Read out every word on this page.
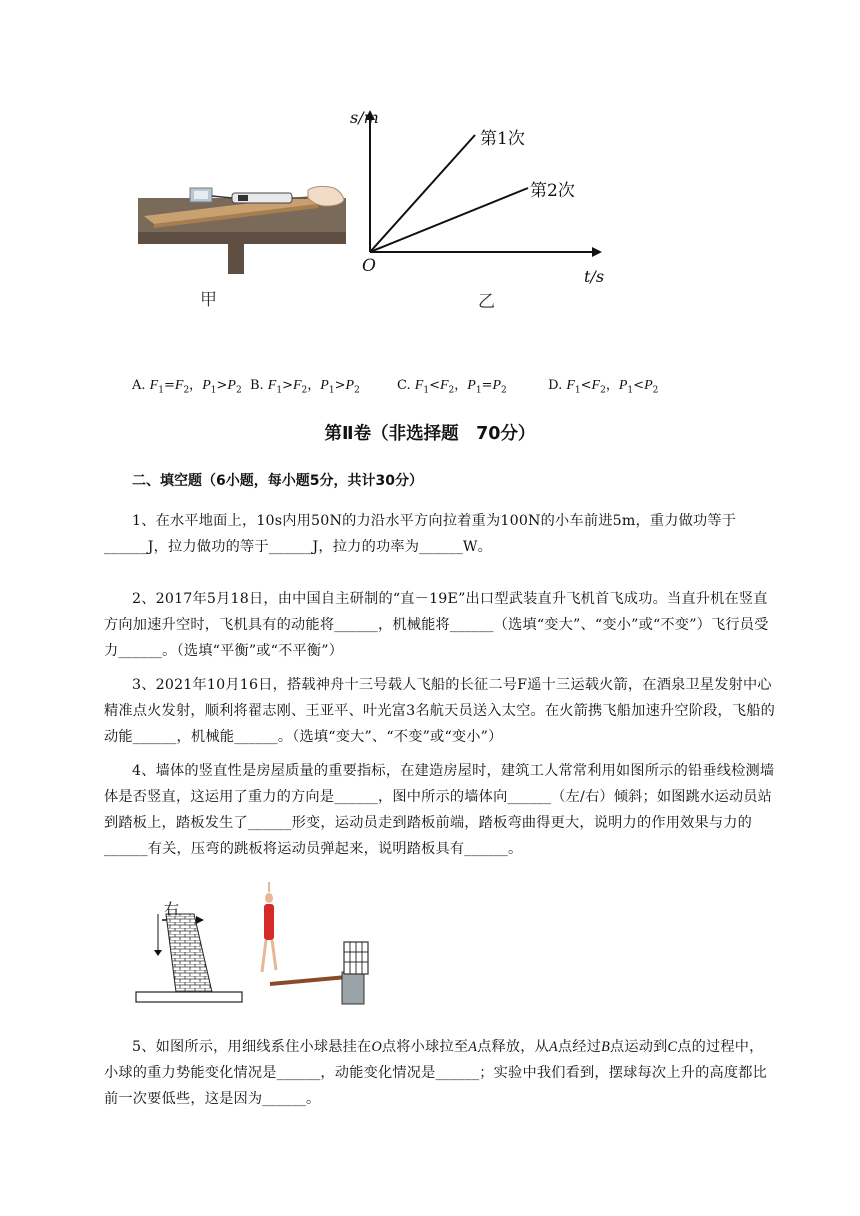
甲
s/m
第1次
第2次
O
t/s
乙
A. $F_1=F_2$，$P_1>P_2$ B. $F_1>F_2$，$P_1>P_2$	C. $F_1<F_2$，$P_1=P_2$	D. $F_1<F_2$，$P_1<P_2$
第Ⅱ卷（非选择题　70分）
二、填空题（6小题，每小题5分，共计30分）
1、在水平地面上，10s内用50N的力沿水平方向拉着重为100N的小车前进5m，重力做功等于______J，拉力做功的等于______J，拉力的功率为______W。
2、2017年5月18日，由中国自主研制的“直－19E”出口型武装直升飞机首飞成功。当直升机在竖直方向加速升空时，飞机具有的动能将______，机械能将______（选填“变大”、“变小”或“不变”）飞行员受力______。（选填“平衡”或“不平衡”）
3、2021年10月16日，搭载神舟十三号载人飞船的长征二号F遥十三运载火箭，在酒泉卫星发射中心精准点火发射，顺利将翟志刚、王亚平、叶光富3名航天员送入太空。在火箭携飞船加速升空阶段，飞船的动能______，机械能______。（选填“变大”、“不变”或“变小”）
4、墙体的竖直性是房屋质量的重要指标，在建造房屋时，建筑工人常常利用如图所示的铅垂线检测墙体是否竖直，这运用了重力的方向是______，图中所示的墙体向______（左/右）倾斜；如图跳水运动员站到踏板上，踏板发生了______形变，运动员走到踏板前端，踏板弯曲得更大，说明力的作用效果与力的______有关，压弯的跳板将运动员弹起来，说明踏板具有______。
右
5、如图所示，用细线系住小球悬挂在O点将小球拉至A点释放，从A点经过B点运动到C点的过程中，小球的重力势能变化情况是______，动能变化情况是______；实验中我们看到，摆球每次上升的高度都比前一次要低些，这是因为______。
